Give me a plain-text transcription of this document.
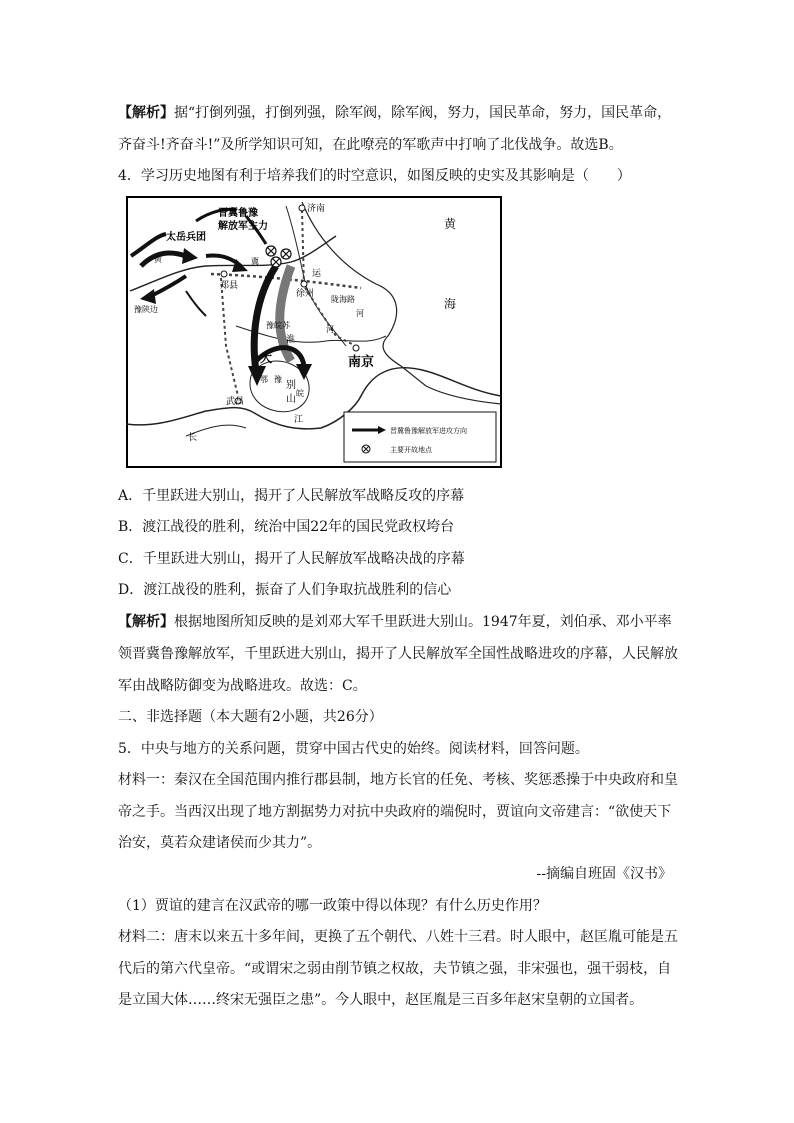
【解析】据“打倒列强，打倒列强，除军阀，除军阀，努力，国民革命，努力，国民革命，
齐奋斗!齐奋斗!”及所学知识可知，在此嘹亮的军歌声中打响了北伐战争。故选B。
4．学习历史地图有利于培养我们的时空意识，如图反映的史实及其影响是（　　）
晋冀鲁豫
解放军主力
太岳兵团
济南
郑县
徐州
豫皖苏
淮
大
别
山
鄂 豫
皖
武昌
南京
江
长
黄
海
运
河
河
陇海路
黄
豫陕边
冀
晋冀鲁豫解放军进攻方向
主要开故地点
A．千里跃进大别山，揭开了人民解放军战略反攻的序幕
B．渡江战役的胜利，统治中国22年的国民党政权垮台
C．千里跃进大别山，揭开了人民解放军战略决战的序幕
D．渡江战役的胜利，振奋了人们争取抗战胜利的信心
【解析】根据地图所知反映的是刘邓大军千里跃进大别山。1947年夏，刘伯承、邓小平率
领晋冀鲁豫解放军，千里跃进大别山，揭开了人民解放军全国性战略进攻的序幕，人民解放
军由战略防御变为战略进攻。故选：C。
二、非选择题（本大题有2小题，共26分）
5．中央与地方的关系问题，贯穿中国古代史的始终。阅读材料，回答问题。
材料一：秦汉在全国范围内推行郡县制，地方长官的任免、考核、奖惩悉操于中央政府和皇
帝之手。当西汉出现了地方割据势力对抗中央政府的端倪时，贾谊向文帝建言：“欲使天下
治安，莫若众建诸侯而少其力”。
--摘编自班固《汉书》
（1）贾谊的建言在汉武帝的哪一政策中得以体现？有什么历史作用？
材料二：唐末以来五十多年间，更换了五个朝代、八姓十三君。时人眼中，赵匡胤可能是五
代后的第六代皇帝。“或谓宋之弱由削节镇之权故，夫节镇之强，非宋强也，强干弱枝，自
是立国大体……终宋无强臣之患”。今人眼中，赵匡胤是三百多年赵宋皇朝的立国者。
